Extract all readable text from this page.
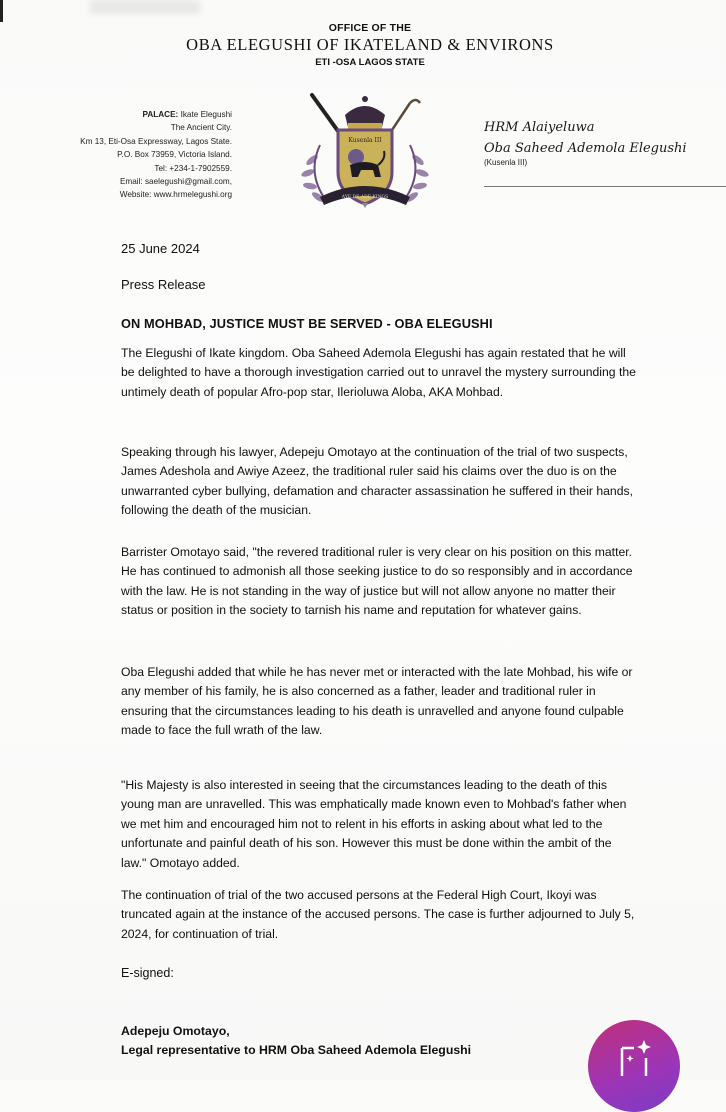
OFFICE OF THE
OBA ELEGUSHI OF IKATELAND & ENVIRONS
ETI -OSA LAGOS STATE
PALACE: Ikate Elegushi
The Ancient City.
Km 13, Eti-Osa Expressway, Lagos State.
P.O. Box 73959, Victoria Island.
Tel: +234-1-7902559.
Email: saelegushi@gmail.com,
Website: www.hrmelegushi.org
Kusenla III
AYE DE ADE KINGS
HRM Alaiyeluwa
Oba Saheed Ademola Elegushi
(Kusenla III)
25 June 2024
Press Release
ON MOHBAD, JUSTICE MUST BE SERVED - OBA ELEGUSHI
The Elegushi of Ikate kingdom. Oba Saheed Ademola Elegushi has again restated that he will be delighted to have a thorough investigation carried out to unravel the mystery surrounding the untimely death of popular Afro-pop star, Ilerioluwa Aloba, AKA Mohbad.
Speaking through his lawyer, Adepeju Omotayo at the continuation of the trial of two suspects, James Adeshola and Awiye Azeez, the traditional ruler said his claims over the duo is on the unwarranted cyber bullying, defamation and character assassination he suffered in their hands, following the death of the musician.
Barrister Omotayo said, "the revered traditional ruler is very clear on his position on this matter. He has continued to admonish all those seeking justice to do so responsibly and in accordance with the law. He is not standing in the way of justice but will not allow anyone no matter their status or position in the society to tarnish his name and reputation for whatever gains.
Oba Elegushi added that while he has never met or interacted with the late Mohbad, his wife or any member of his family, he is also concerned as a father, leader and traditional ruler in ensuring that the circumstances leading to his death is unravelled and anyone found culpable made to face the full wrath of the law.
"His Majesty is also interested in seeing that the circumstances leading to the death of this young man are unravelled. This was emphatically made known even to Mohbad's father when we met him and encouraged him not to relent in his efforts in asking about what led to the unfortunate and painful death of his son. However this must be done within the ambit of the law." Omotayo added.
The continuation of trial of the two accused persons at the Federal High Court, Ikoyi was truncated again at the instance of the accused persons. The case is further adjourned to July 5, 2024, for continuation of trial.
E-signed:
Adepeju Omotayo,
Legal representative to HRM Oba Saheed Ademola Elegushi
